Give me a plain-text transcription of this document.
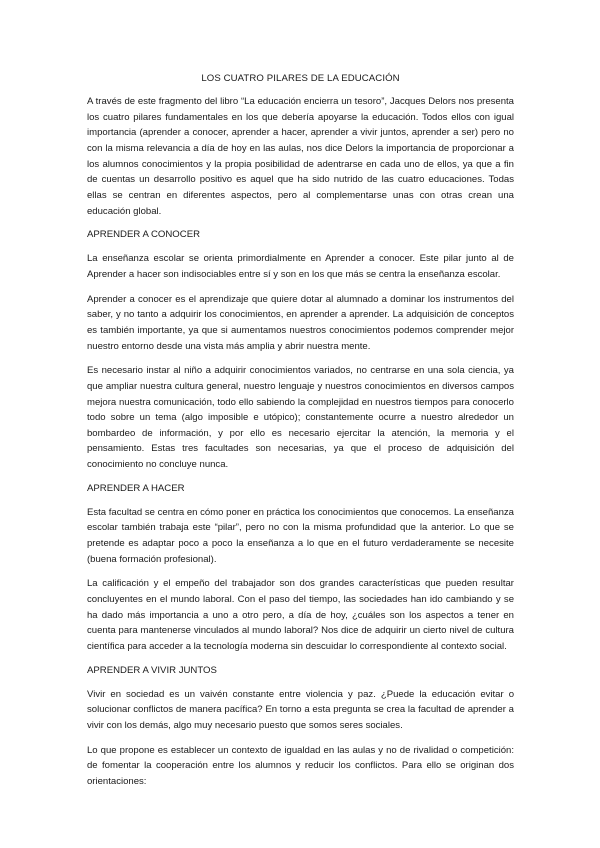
LOS CUATRO PILARES DE LA EDUCACIÓN

A través de este fragmento del libro “La educación encierra un tesoro”, Jacques Delors nos presenta los cuatro pilares fundamentales en los que debería apoyarse la educación. Todos ellos con igual importancia (aprender a conocer, aprender a hacer, aprender a vivir juntos, aprender a ser) pero no con la misma relevancia a día de hoy en las aulas, nos dice Delors la importancia de proporcionar a los alumnos conocimientos y la propia posibilidad de adentrarse en cada uno de ellos, ya que a fin de cuentas un desarrollo positivo es aquel que ha sido nutrido de las cuatro educaciones. Todas ellas se centran en diferentes aspectos, pero al complementarse unas con otras crean una educación global.

APRENDER A CONOCER

La enseñanza escolar se orienta primordialmente en Aprender a conocer. Este pilar junto al de Aprender a hacer son indisociables entre sí y son en los que más se centra la enseñanza escolar.

Aprender a conocer es el aprendizaje que quiere dotar al alumnado a dominar los instrumentos del saber, y no tanto a adquirir los conocimientos, en aprender a aprender. La adquisición de conceptos es también importante, ya que si aumentamos nuestros conocimientos podemos comprender mejor nuestro entorno desde una vista más amplia y abrir nuestra mente.

Es necesario instar al niño a adquirir conocimientos variados, no centrarse en una sola ciencia, ya que ampliar nuestra cultura general, nuestro lenguaje y nuestros conocimientos en diversos campos mejora nuestra comunicación, todo ello sabiendo la complejidad en nuestros tiempos para conocerlo todo sobre un tema (algo imposible e utópico); constantemente ocurre a nuestro alrededor un bombardeo de información, y por ello es necesario ejercitar la atención, la memoria y el pensamiento. Estas tres facultades son necesarias, ya que el proceso de adquisición del conocimiento no concluye nunca.

APRENDER A HACER

Esta facultad se centra en cómo poner en práctica los conocimientos que conocemos. La enseñanza escolar también trabaja este “pilar”, pero no con la misma profundidad que la anterior. Lo que se pretende es adaptar poco a poco la enseñanza a lo que en el futuro verdaderamente se necesite (buena formación profesional).

La calificación y el empeño del trabajador son dos grandes características que pueden resultar concluyentes en el mundo laboral. Con el paso del tiempo, las sociedades han ido cambiando y se ha dado más importancia a uno a otro pero, a día de hoy, ¿cuáles son los aspectos a tener en cuenta para mantenerse vinculados al mundo laboral? Nos dice de adquirir un cierto nivel de cultura científica para acceder a la tecnología moderna sin descuidar lo correspondiente al contexto social.

APRENDER A VIVIR JUNTOS

Vivir en sociedad es un vaivén constante entre violencia y paz. ¿Puede la educación evitar o solucionar conflictos de manera pacífica? En torno a esta pregunta se crea la facultad de aprender a vivir con los demás, algo muy necesario puesto que somos seres sociales.

Lo que propone es establecer un contexto de igualdad en las aulas y no de rivalidad o competición: de fomentar la cooperación entre los alumnos y reducir los conflictos. Para ello se originan dos orientaciones:
